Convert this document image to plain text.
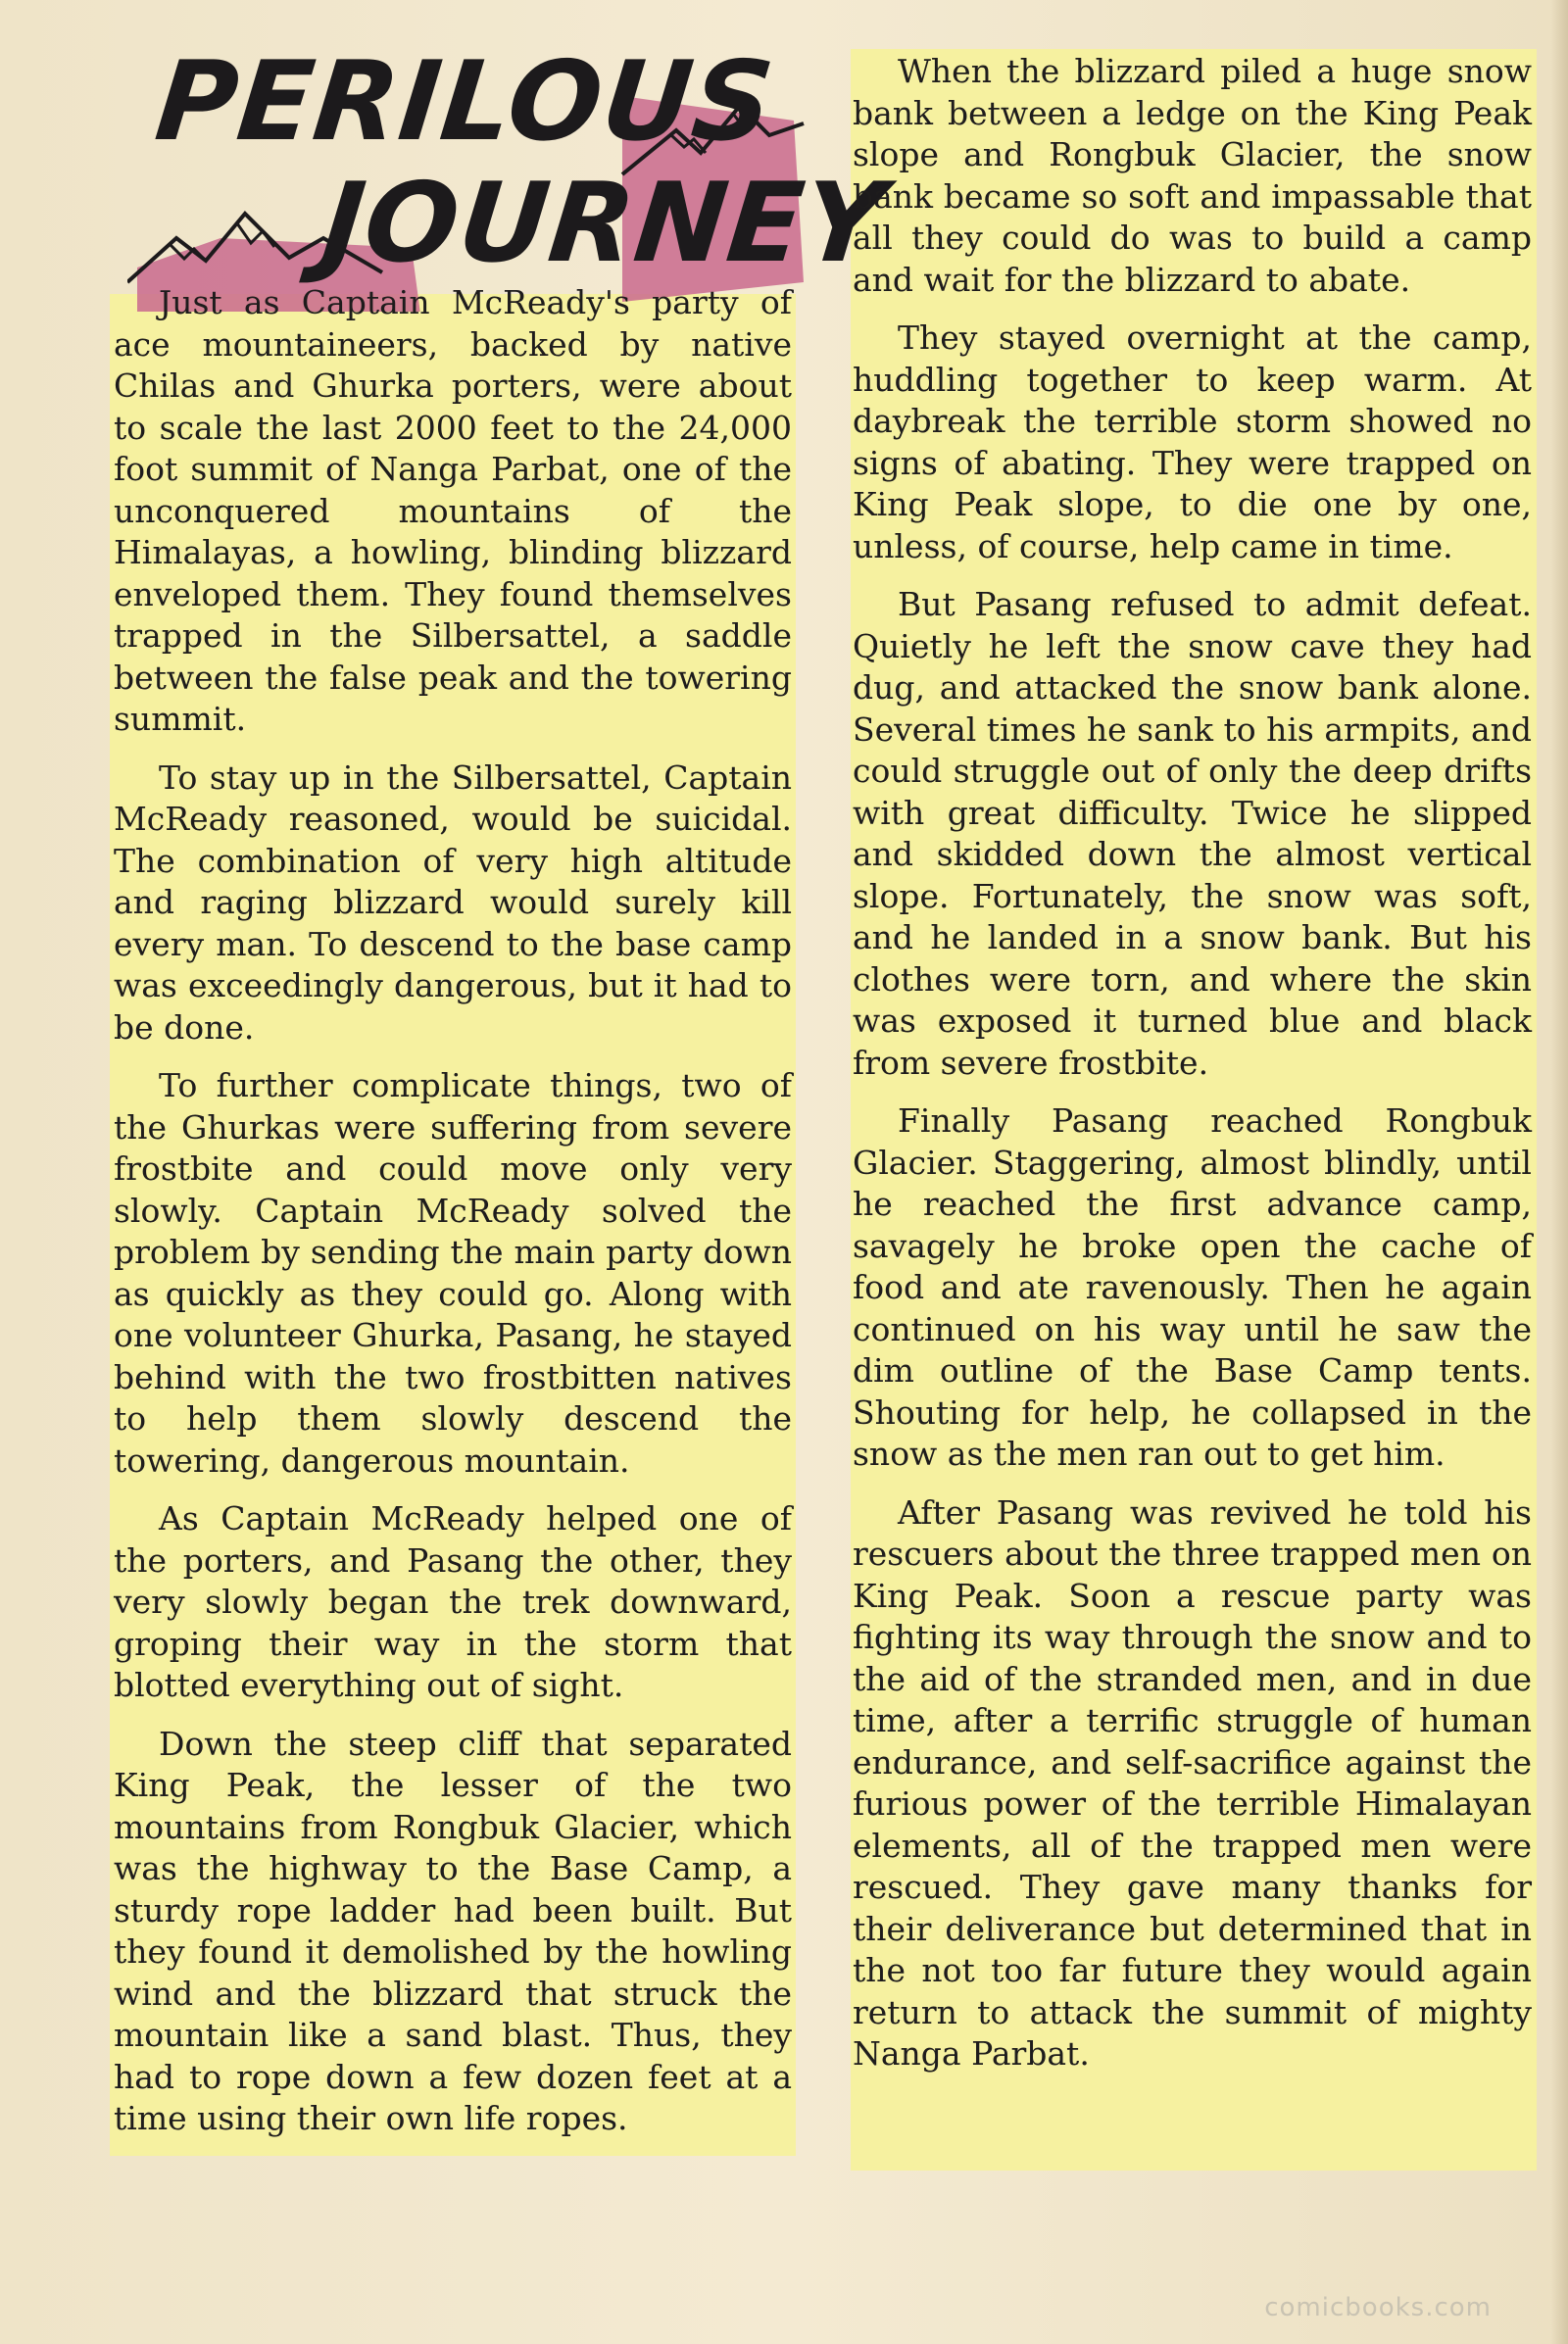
PERILOUS
JOURNEY

Just as Captain McReady's party of ace mountaineers, backed by native Chilas and Ghurka porters, were about to scale the last 2000 feet to the 24,000 foot summit of Nanga Parbat, one of the unconquered mountains of the Himalayas, a howling, blinding blizzard enveloped them. They found themselves trapped in the Silbersattel, a saddle between the false peak and the towering summit.

To stay up in the Silbersattel, Captain McReady reasoned, would be suicidal. The combination of very high altitude and raging blizzard would surely kill every man. To descend to the base camp was exceedingly dangerous, but it had to be done.

To further complicate things, two of the Ghurkas were suffering from severe frostbite and could move only very slowly. Captain McReady solved the problem by sending the main party down as quickly as they could go. Along with one volunteer Ghurka, Pasang, he stayed behind with the two frostbitten natives to help them slowly descend the towering, dangerous mountain.

As Captain McReady helped one of the porters, and Pasang the other, they very slowly began the trek downward, groping their way in the storm that blotted everything out of sight.

Down the steep cliff that separated King Peak, the lesser of the two mountains from Rongbuk Glacier, which was the highway to the Base Camp, a sturdy rope ladder had been built. But they found it demolished by the howling wind and the blizzard that struck the mountain like a sand blast. Thus, they had to rope down a few dozen feet at a time using their own life ropes.

When the blizzard piled a huge snow bank between a ledge on the King Peak slope and Rongbuk Glacier, the snow bank became so soft and impassable that all they could do was to build a camp and wait for the blizzard to abate.

They stayed overnight at the camp, huddling together to keep warm. At daybreak the terrible storm showed no signs of abating. They were trapped on King Peak slope, to die one by one, unless, of course, help came in time.

But Pasang refused to admit defeat. Quietly he left the snow cave they had dug, and attacked the snow bank alone. Several times he sank to his armpits, and could struggle out of only the deep drifts with great difficulty. Twice he slipped and skidded down the almost vertical slope. Fortunately, the snow was soft, and he landed in a snow bank. But his clothes were torn, and where the skin was exposed it turned blue and black from severe frostbite.

Finally Pasang reached Rongbuk Glacier. Staggering, almost blindly, until he reached the first advance camp, savagely he broke open the cache of food and ate ravenously. Then he again continued on his way until he saw the dim outline of the Base Camp tents. Shouting for help, he collapsed in the snow as the men ran out to get him.

After Pasang was revived he told his rescuers about the three trapped men on King Peak. Soon a rescue party was fighting its way through the snow and to the aid of the stranded men, and in due time, after a terrific struggle of human endurance, and self-sacrifice against the furious power of the terrible Himalayan elements, all of the trapped men were rescued. They gave many thanks for their deliverance but determined that in the not too far future they would again return to attack the summit of mighty Nanga Parbat.

comicbooks.com
